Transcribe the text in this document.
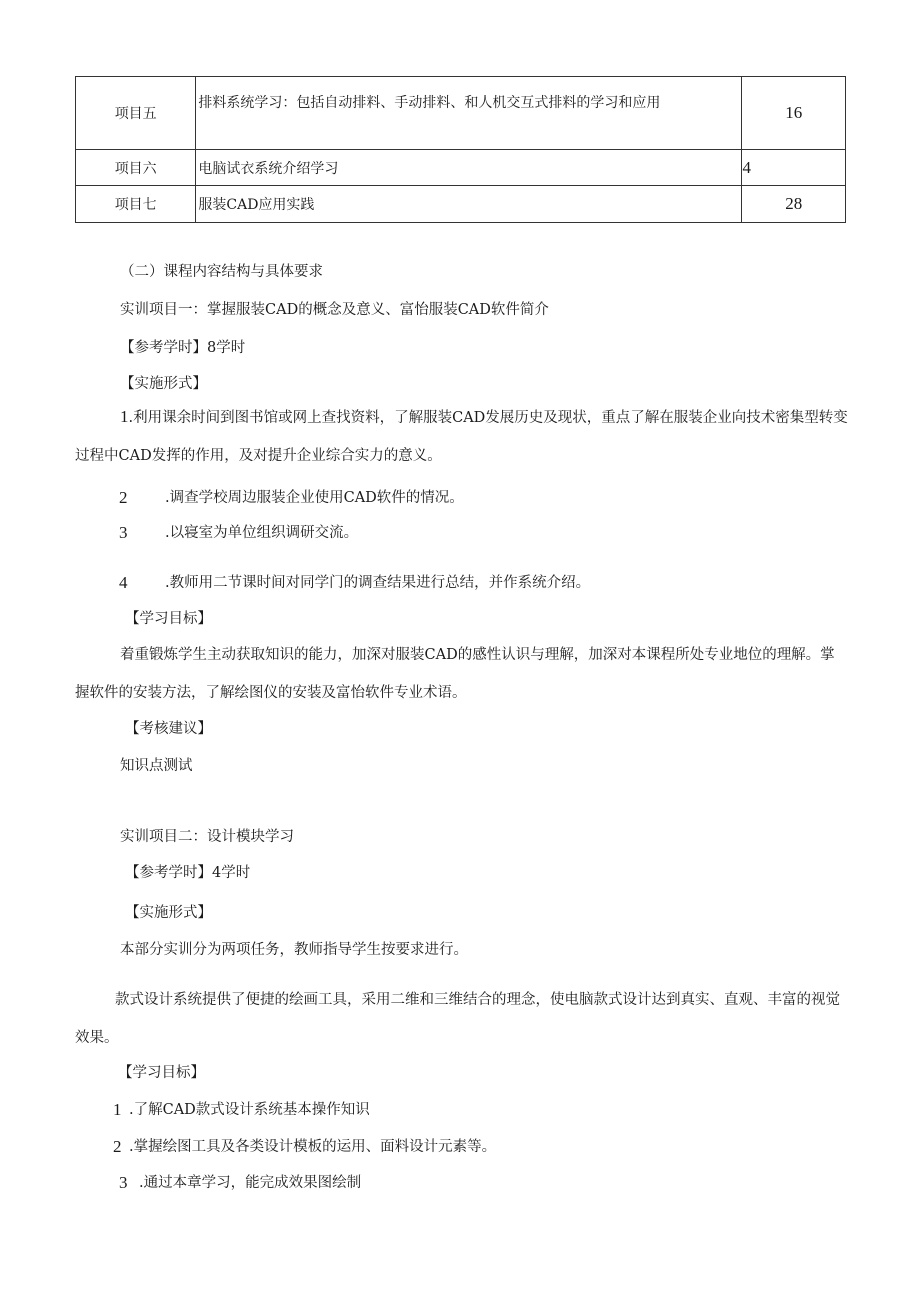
项目五	排料系统学习：包括自动排料、手动排料、和人机交互式排料的学习和应用	16
项目六	电脑试衣系统介绍学习	4
项目七	服装CAD应用实践	28
（二）课程内容结构与具体要求
实训项目一：掌握服装CAD的概念及意义、富怡服装CAD软件简介
【参考学时】8学时
【实施形式】
1.利用课余时间到图书馆或网上查找资料，了解服装CAD发展历史及现状，重点了解在服装企业向技术密集型转变过程中CAD发挥的作用，及对提升企业综合实力的意义。
2	.调查学校周边服装企业使用CAD软件的情况。
3	.以寝室为单位组织调研交流。
4	.教师用二节课时间对同学门的调查结果进行总结，并作系统介绍。
【学习目标】
着重锻炼学生主动获取知识的能力，加深对服装CAD的感性认识与理解，加深对本课程所处专业地位的理解。掌握软件的安装方法，了解绘图仪的安装及富怡软件专业术语。
【考核建议】
知识点测试
实训项目二：设计模块学习
【参考学时】4学时
【实施形式】
本部分实训分为两项任务，教师指导学生按要求进行。
款式设计系统提供了便捷的绘画工具，采用二维和三维结合的理念，使电脑款式设计达到真实、直观、丰富的视觉效果。
【学习目标】
1 .了解CAD款式设计系统基本操作知识
2 .掌握绘图工具及各类设计模板的运用、面料设计元素等。
3 .通过本章学习，能完成效果图绘制
